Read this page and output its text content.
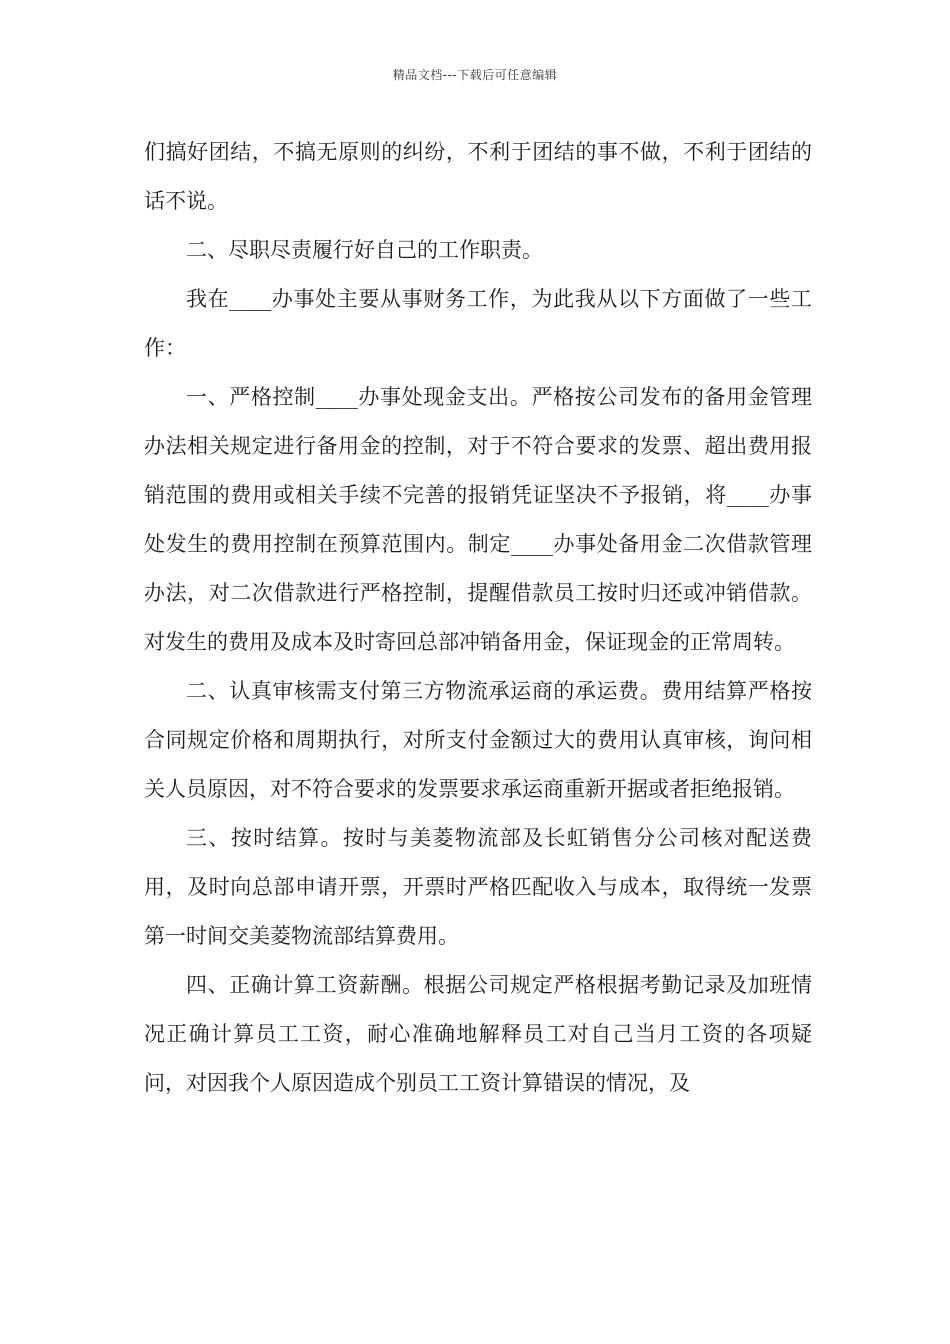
精品文档---下载后可任意编辑

们搞好团结，不搞无原则的纠纷，不利于团结的事不做，不利于团结的话不说。

二、尽职尽责履行好自己的工作职责。

我在____办事处主要从事财务工作，为此我从以下方面做了一些工作：

一、严格控制____办事处现金支出。严格按公司发布的备用金管理办法相关规定进行备用金的控制，对于不符合要求的发票、超出费用报销范围的费用或相关手续不完善的报销凭证坚决不予报销，将____办事处发生的费用控制在预算范围内。制定____办事处备用金二次借款管理办法，对二次借款进行严格控制，提醒借款员工按时归还或冲销借款。对发生的费用及成本及时寄回总部冲销备用金，保证现金的正常周转。

二、认真审核需支付第三方物流承运商的承运费。费用结算严格按合同规定价格和周期执行，对所支付金额过大的费用认真审核，询问相关人员原因，对不符合要求的发票要求承运商重新开据或者拒绝报销。

三、按时结算。按时与美菱物流部及长虹销售分公司核对配送费用，及时向总部申请开票，开票时严格匹配收入与成本，取得统一发票第一时间交美菱物流部结算费用。

四、正确计算工资薪酬。根据公司规定严格根据考勤记录及加班情况正确计算员工工资，耐心准确地解释员工对自己当月工资的各项疑问，对因我个人原因造成个别员工工资计算错误的情况，及
